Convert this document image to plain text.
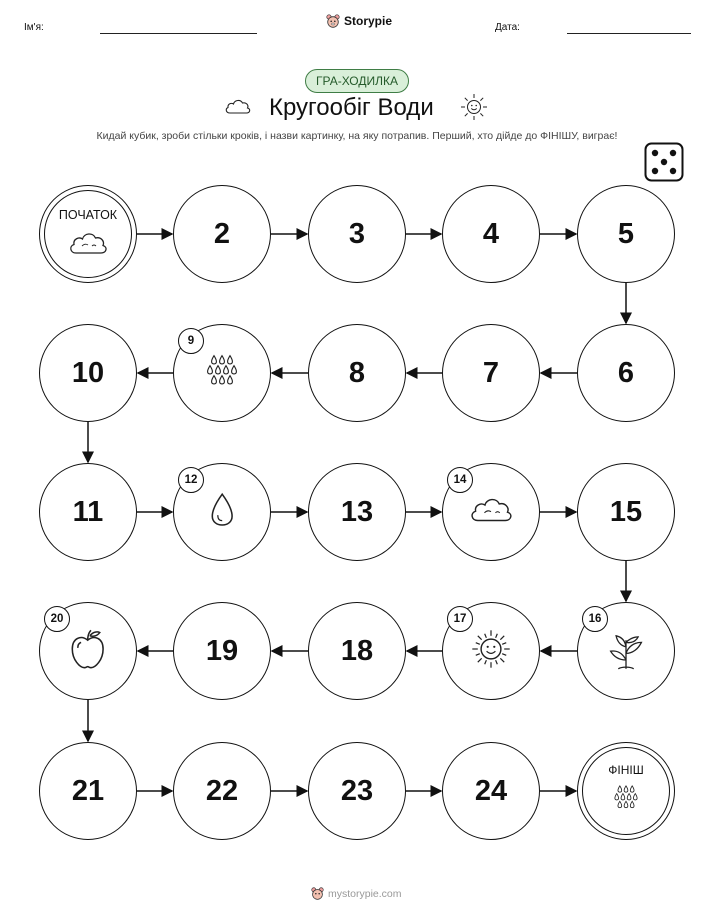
Ім'я:	Storypie	Дата:
ГРА-ХОДИЛКА
Кругообіг Води
Кидай кубик, зроби стільки кроків, і назви картинку, на яку потрапив. Перший, хто дійде до ФІНІШУ, виграє!
ПОЧАТОК
2	3	4	5
6
7
8
9
10
11
12
13
14
15
16
17
18
19
20
21	22	23	24
ФІНІШ
mystorypie.com
